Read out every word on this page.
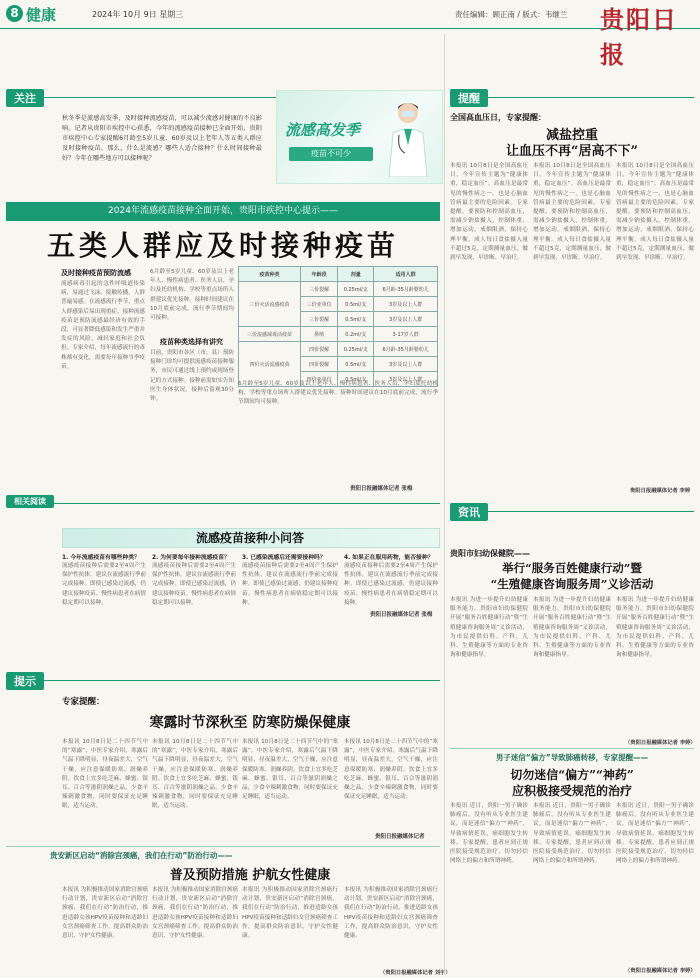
8 健康	2024年 10月 9日 星期三	责任编辑：顾正南 / 版式：韦继兰 贵阳日报
关注
秋冬季是流感高发季，及时接种流感疫苗，可以减少流感对健康的不良影响。记者从贵阳市疾控中心获悉，今年的流感疫苗接种已全面开始，贵阳市疾控中心专家提醒6月龄至5岁儿童、60岁及以上老年人等五类人群应及时接种疫苗。那么，什么是流感？哪些人适合接种？什么时间接种最好？今年在哪些地方可以接种呢？
流感高发季
疫苗不可少
2024年流感疫苗接种全面开始，贵阳市疾控中心提示——
五类人群应及时接种疫苗
及时接种疫苗预防流感
流感病毒引起的急性呼吸道传染病，易通过飞沫、接触传播，人群普遍易感。在流感流行季节，重点人群感染后易出现重症。接种流感疫苗是预防流感最经济有效的手段，可显著降低感染和发生严重并发症的风险，减轻家庭和社会负担。专家介绍，每年流感流行的毒株都有变化，需要每年接种当季疫苗。
6月龄至5岁儿童、60岁及以上老年人、慢性病患者、医务人员、孕妇及托幼机构、学校等重点场所人群建议优先接种。接种时间建议在10月底前完成，流行季节期间均可接种。
疫苗种类选择有讲究
目前，贵阳市各区（市、县）预防接种门诊均可提供流感疫苗接种服务，市民可通过线上预约或现场登记的方式接种。接种前需如实告知医生身体状况，接种后留观30分钟。
疫苗种类	年龄段	剂量	适用人群
三价灭活流感疫苗	三价裂解	0.25ml/支	6月龄-35月龄婴幼儿
	三价亚单位	0.5ml/支	3岁及以上人群
	三价裂解	0.5ml/支	3岁及以上人群
三价流感减毒活疫苗	鼻喷	0.2ml/支	3-17岁人群
四价灭活流感疫苗	四价裂解	0.25ml/支	6月龄-35月龄婴幼儿
	四价裂解	0.5ml/支	3岁及以上人群
	四价亚单位	0.5ml/支	3岁及以上人群
6月龄至5岁儿童、60岁及以上老年人、慢性病患者、医务人员、孕妇及托幼机构、学校等重点场所人群建议优先接种。接种时间建议在10月底前完成，流行季节期间均可接种。
贵阳日报融媒体记者 张梅
相关阅读
流感疫苗接种小问答
1. 今年流感疫苗有哪些种类？
流感疫苗接种后需要2至4周产生保护性抗体，建议在流感流行季前完成接种。即使已感染过流感，仍建议接种疫苗。慢性病患者在病情稳定期可以接种。
2. 为何要每年接种流感疫苗？
流感疫苗接种后需要2至4周产生保护性抗体，建议在流感流行季前完成接种。即使已感染过流感，仍建议接种疫苗。慢性病患者在病情稳定期可以接种。
3. 已感染流感后还需要接种吗？
流感疫苗接种后需要2至4周产生保护性抗体，建议在流感流行季前完成接种。即使已感染过流感，仍建议接种疫苗。慢性病患者在病情稳定期可以接种。
4. 如果正在服用药物，能否接种？
流感疫苗接种后需要2至4周产生保护性抗体，建议在流感流行季前完成接种。即使已感染过流感，仍建议接种疫苗。慢性病患者在病情稳定期可以接种。
贵阳日报融媒体记者 张梅
提示
专家提醒：
寒露时节深秋至 防寒防燥保健康
本报讯 10月8日是二十四节气中的“寒露”，中医专家介绍，寒露后气温下降明显，昼夜温差大，空气干燥，应注意保暖防寒、润燥养阴。饮食上宜多吃芝麻、蜂蜜、银耳、百合等滋阴润燥之品，少食辛辣刺激食物，同时要保证充足睡眠，适当运动。
本报讯 10月8日是二十四节气中的“寒露”，中医专家介绍，寒露后气温下降明显，昼夜温差大，空气干燥，应注意保暖防寒、润燥养阴。饮食上宜多吃芝麻、蜂蜜、银耳、百合等滋阴润燥之品，少食辛辣刺激食物，同时要保证充足睡眠，适当运动。
本报讯 10月8日是二十四节气中的“寒露”，中医专家介绍，寒露后气温下降明显，昼夜温差大，空气干燥，应注意保暖防寒、润燥养阴。饮食上宜多吃芝麻、蜂蜜、银耳、百合等滋阴润燥之品，少食辛辣刺激食物，同时要保证充足睡眠，适当运动。
本报讯 10月8日是二十四节气中的“寒露”，中医专家介绍，寒露后气温下降明显，昼夜温差大，空气干燥，应注意保暖防寒、润燥养阴。饮食上宜多吃芝麻、蜂蜜、银耳、百合等滋阴润燥之品，少食辛辣刺激食物，同时要保证充足睡眠，适当运动。
贵阳日报融媒体记者
贵安新区启动“消除宫颈癌，我们在行动”防治行动——
普及预防措施 护航女性健康
本报讯 为积极推动国家消除宫颈癌行动计划，贵安新区启动“消除宫颈癌，我们在行动”防治行动，推进适龄女孩HPV疫苗接种和适龄妇女宫颈癌筛查工作，提高群众防治意识，守护女性健康。
本报讯 为积极推动国家消除宫颈癌行动计划，贵安新区启动“消除宫颈癌，我们在行动”防治行动，推进适龄女孩HPV疫苗接种和适龄妇女宫颈癌筛查工作，提高群众防治意识，守护女性健康。
本报讯 为积极推动国家消除宫颈癌行动计划，贵安新区启动“消除宫颈癌，我们在行动”防治行动，推进适龄女孩HPV疫苗接种和适龄妇女宫颈癌筛查工作，提高群众防治意识，守护女性健康。
本报讯 为积极推动国家消除宫颈癌行动计划，贵安新区启动“消除宫颈癌，我们在行动”防治行动，推进适龄女孩HPV疫苗接种和适龄妇女宫颈癌筛查工作，提高群众防治意识，守护女性健康。
（贵阳日报融媒体记者 刘宇）
提醒
全国高血压日，专家提醒：
减盐控重
让血压不再“居高不下”
本报讯 10月8日是全国高血压日，今年宣传主题为“健康体重，稳定血压”。高血压是最常见的慢性病之一，也是心脑血管病最主要的危险因素。专家提醒，要预防和控制高血压，需减少钠盐摄入，控制体重，增加运动，戒烟限酒，保持心理平衡。成人每日食盐摄入量不超过5克，定期测量血压，做到早发现、早诊断、早治疗。
本报讯 10月8日是全国高血压日，今年宣传主题为“健康体重，稳定血压”。高血压是最常见的慢性病之一，也是心脑血管病最主要的危险因素。专家提醒，要预防和控制高血压，需减少钠盐摄入，控制体重，增加运动，戒烟限酒，保持心理平衡。成人每日食盐摄入量不超过5克，定期测量血压，做到早发现、早诊断、早治疗。
本报讯 10月8日是全国高血压日，今年宣传主题为“健康体重，稳定血压”。高血压是最常见的慢性病之一，也是心脑血管病最主要的危险因素。专家提醒，要预防和控制高血压，需减少钠盐摄入，控制体重，增加运动，戒烟限酒，保持心理平衡。成人每日食盐摄入量不超过5克，定期测量血压，做到早发现、早诊断、早治疗。
贵阳日报融媒体记者 李婷
资讯
贵阳市妇幼保健院——
举行“服务百姓健康行动”暨
“生殖健康咨询服务周”义诊活动
本报讯 为进一步提升妇幼健康服务能力，贵阳市妇幼保健院开展“服务百姓健康行动”暨“生殖健康咨询服务周”义诊活动，为市民提供妇科、产科、儿科、生殖健康等方面的专业咨询和健康指导。
本报讯 为进一步提升妇幼健康服务能力，贵阳市妇幼保健院开展“服务百姓健康行动”暨“生殖健康咨询服务周”义诊活动，为市民提供妇科、产科、儿科、生殖健康等方面的专业咨询和健康指导。
本报讯 为进一步提升妇幼健康服务能力，贵阳市妇幼保健院开展“服务百姓健康行动”暨“生殖健康咨询服务周”义诊活动，为市民提供妇科、产科、儿科、生殖健康等方面的专业咨询和健康指导。
（贵阳日报融媒体记者 李婷）
男子迷信“偏方”导致肺癌转移，专家提醒——
切勿迷信“偏方”“神药”
应积极接受规范的治疗
本报讯 近日，贵阳一男子确诊肺癌后，没有听从专业医生建议，而是迷信“偏方”“神药”，导致病情延误，癌细胞发生转移。专家提醒，患者应到正规医院接受规范治疗，切勿轻信网络上的偏方和所谓神药。
本报讯 近日，贵阳一男子确诊肺癌后，没有听从专业医生建议，而是迷信“偏方”“神药”，导致病情延误，癌细胞发生转移。专家提醒，患者应到正规医院接受规范治疗，切勿轻信网络上的偏方和所谓神药。
本报讯 近日，贵阳一男子确诊肺癌后，没有听从专业医生建议，而是迷信“偏方”“神药”，导致病情延误，癌细胞发生转移。专家提醒，患者应到正规医院接受规范治疗，切勿轻信网络上的偏方和所谓神药。
（贵阳日报融媒体记者 李婷）
